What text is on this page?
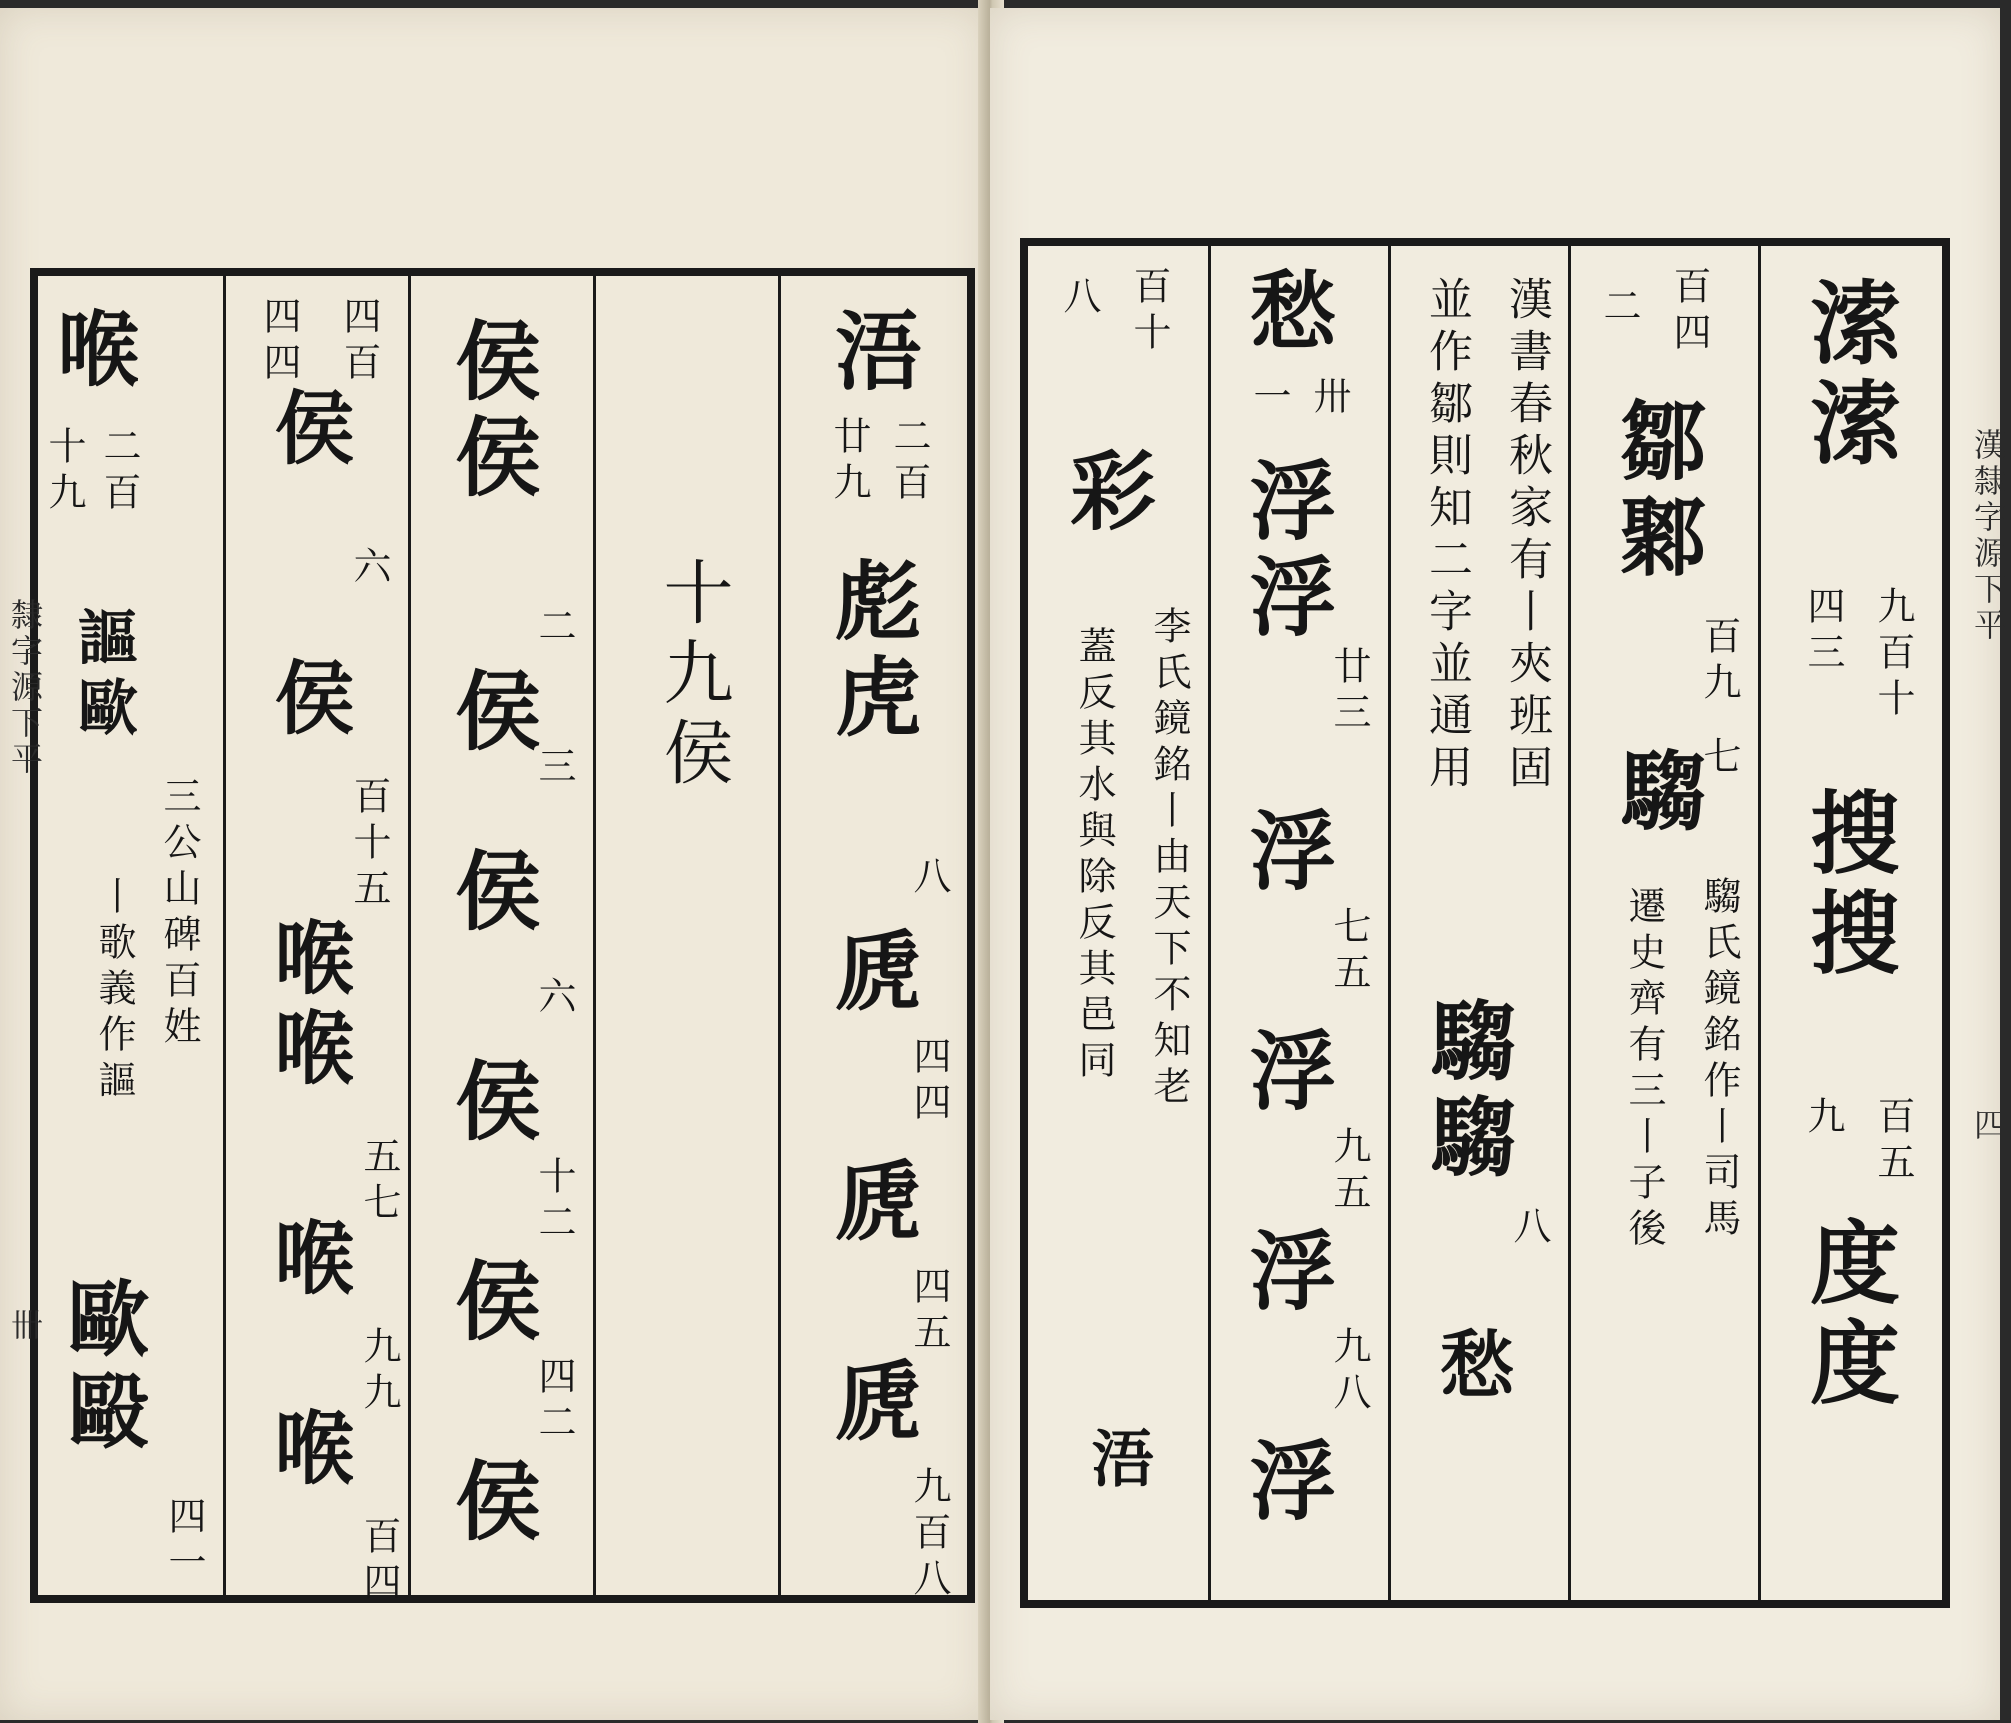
喉
十九 二百
謳歐
三公山碑百姓
丨歌義作謳
歐毆
四一
四四 四百
侯
六
侯
百十五
喉喉
五七
喉
九九
喉
百四
侯侯
二
侯
三
侯
六
侯
十二
侯
四二
侯
十九侯
浯
廿九 二百
彪虎
八
虒
四四
虒
四五
虒
九百八
隸字源下平
卌
八 百十
彩
李氏鏡銘丨由天下不知老
蓋反其水與除反其邑同
浯
愁
一 卅
浮浮
廿三
浮
七五
浮
九五
浮
九八
浮
漢書春秋家有丨夾班固
並作鄒則知二字並通用
騶騶
八
愁
二 百四
鄒鄹
百九
七
騶
騶氏鏡銘作丨司馬
遷史齊有三丨子後
溹溹
四三 九百十
搜搜
九 百五
度度
漢隸字源下平
四
